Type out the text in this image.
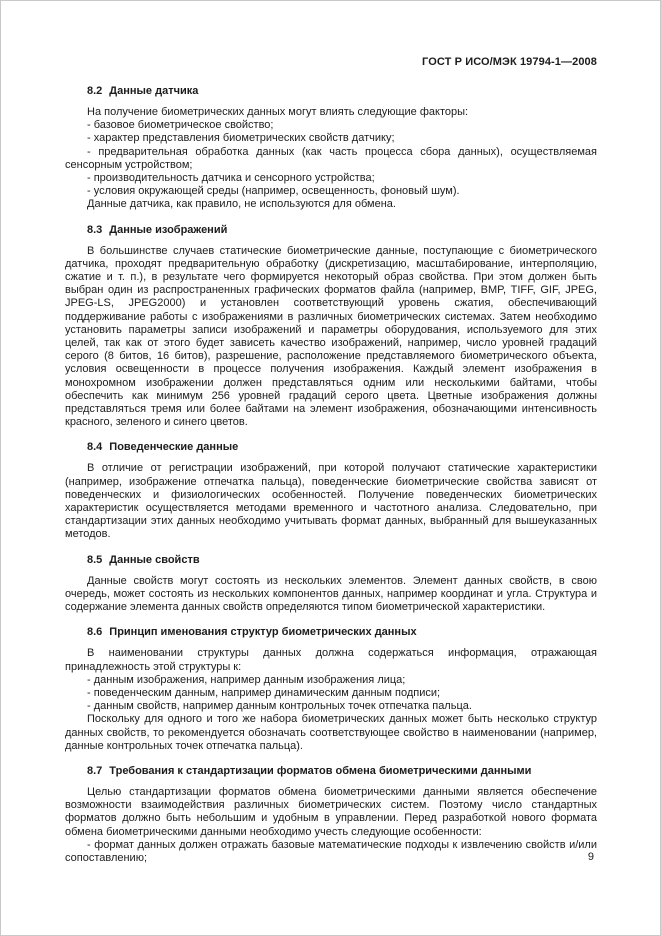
ГОСТ Р ИСО/МЭК 19794-1—2008
8.2 Данные датчика

На получение биометрических данных могут влиять следующие факторы:

- базовое биометрическое свойство;

- характер представления биометрических свойств датчику;

- предварительная обработка данных (как часть процесса сбора данных), осуществляемая сенсорным устройством;

- производительность датчика и сенсорного устройства;

- условия окружающей среды (например, освещенность, фоновый шум).

Данные датчика, как правило, не используются для обмена.

8.3 Данные изображений

В большинстве случаев статические биометрические данные, поступающие с биометрического датчика, проходят предварительную обработку (дискретизацию, масштабирование, интерполяцию, сжатие и т. п.), в результате чего формируется некоторый образ свойства. При этом должен быть выбран один из распространенных графических форматов файла (например, BMP, TIFF, GIF, JPEG, JPEG-LS, JPEG2000) и установлен соответствующий уровень сжатия, обеспечивающий поддерживание работы с изображениями в различных биометрических системах. Затем необходимо установить параметры записи изображений и параметры оборудования, используемого для этих целей, так как от этого будет зависеть качество изображений, например, число уровней градаций серого (8 битов, 16 битов), разрешение, расположение представляемого биометрического объекта, условия освещенности в процессе получения изображения. Каждый элемент изображения в монохромном изображении должен представляться одним или несколькими байтами, чтобы обеспечить как минимум 256 уровней градаций серого цвета. Цветные изображения должны представляться тремя или более байтами на элемент изображения, обозначающими интенсивность красного, зеленого и синего цветов.

8.4 Поведенческие данные

В отличие от регистрации изображений, при которой получают статические характеристики (например, изображение отпечатка пальца), поведенческие биометрические свойства зависят от поведенческих и физиологических особенностей. Получение поведенческих биометрических характеристик осуществляется методами временного и частотного анализа. Следовательно, при стандартизации этих данных необходимо учитывать формат данных, выбранный для вышеуказанных методов.

8.5 Данные свойств

Данные свойств могут состоять из нескольких элементов. Элемент данных свойств, в свою очередь, может состоять из нескольких компонентов данных, например координат и угла. Структура и содержание элемента данных свойств определяются типом биометрической характеристики.

8.6 Принцип именования структур биометрических данных

В наименовании структуры данных должна содержаться информация, отражающая принадлежность этой структуры к:

- данным изображения, например данным изображения лица;

- поведенческим данным, например динамическим данным подписи;

- данным свойств, например данным контрольных точек отпечатка пальца.

Поскольку для одного и того же набора биометрических данных может быть несколько структур данных свойств, то рекомендуется обозначать соответствующее свойство в наименовании (например, данные контрольных точек отпечатка пальца).

8.7 Требования к стандартизации форматов обмена биометрическими данными

Целью стандартизации форматов обмена биометрическими данными является обеспечение возможности взаимодействия различных биометрических систем. Поэтому число стандартных форматов должно быть небольшим и удобным в управлении. Перед разработкой нового формата обмена биометрическими данными необходимо учесть следующие особенности:

- формат данных должен отражать базовые математические подходы к извлечению свойств и/или сопоставлению;	9
